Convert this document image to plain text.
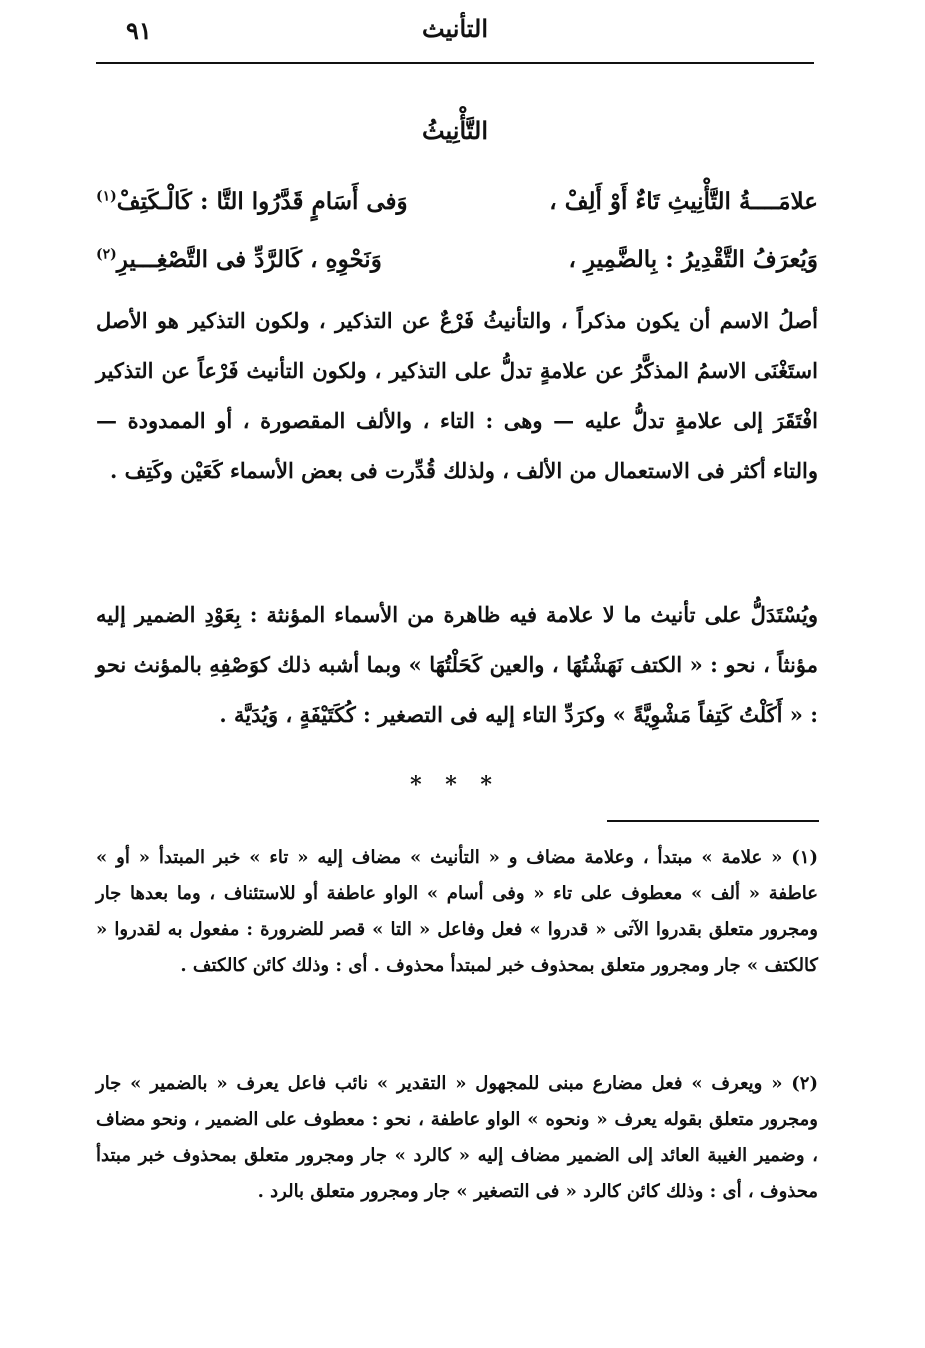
التأنيث
٩١
التَّأْنِيثُ
علامَــــةُ التَّأْنِيثِ تَاءٌ أَوْ أَلِفْ ،
وَفى أَسَامٍ قَدَّرُوا التَّا : كَالْـكَتِفْ$^{(١)}$
وَيُعرَفُ التَّقْدِيرُ : بِالضَّمِيرِ ،
وَنَحْوِهِ ، كَالرَّدِّ فى التَّصْغِـــيرِ$^{(٢)}$

أصلُ الاسم أن يكون مذكراً ، والتأنيثُ فَرْعٌ عن التذكير ، ولكون التذكير هو الأصل استَغْنَى الاسمُ المذكَّرُ عن علامةٍ تدلُّ على التذكير ، ولكون التأنيث فَرْعاً عن التذكير افْتَقَرَ إلى علامةٍ تدلُّ عليه — وهى : التاء ، والألف المقصورة ، أو الممدودة — والتاء أكثر فى الاستعمال من الألف ، ولذلك قُدِّرت فى بعض الأسماء كَعَيْن وكَتِف .

ويُسْتَدَلُّ على تأنيث ما لا علامة فيه ظاهرة من الأسماء المؤنثة : بِعَوْدِ الضمير إليه مؤنثاً ، نحو : « الكتف نَهَشْتُهَا ، والعين كَحَلْتُهَا » وبما أشبه ذلك كوَصْفِهِ بالمؤنث نحو : « أَكَلْتُ كَتِفاً مَشْوِيَّةً » وكرَدِّ التاء إليه فى التصغير : كُكَتَيْفَةٍ ، وَيُدَيَّة .

* * *

(١) « علامة » مبتدأ ، وعلامة مضاف و « التأنيث » مضاف إليه « تاء » خبر المبتدأ « أو » عاطفة « ألف » معطوف على تاء « وفى أسام » الواو عاطفة أو للاستئناف ، وما بعدها جار ومجرور متعلق بقدروا الآتى « قدروا » فعل وفاعل « التا » قصر للضرورة : مفعول به لقدروا « كالكتف » جار ومجرور متعلق بمحذوف خبر لمبتدأ محذوف . أى : وذلك كائن كالكتف .

(٢) « ويعرف » فعل مضارع مبنى للمجهول « التقدير » نائب فاعل يعرف « بالضمير » جار ومجرور متعلق بقوله يعرف « ونحوه » الواو عاطفة ، نحو : معطوف على الضمير ، ونحو مضاف ، وضمير الغيبة العائد إلى الضمير مضاف إليه « كالرد » جار ومجرور متعلق بمحذوف خبر مبتدأ محذوف ، أى : وذلك كائن كالرد « فى التصغير » جار ومجرور متعلق بالرد .
